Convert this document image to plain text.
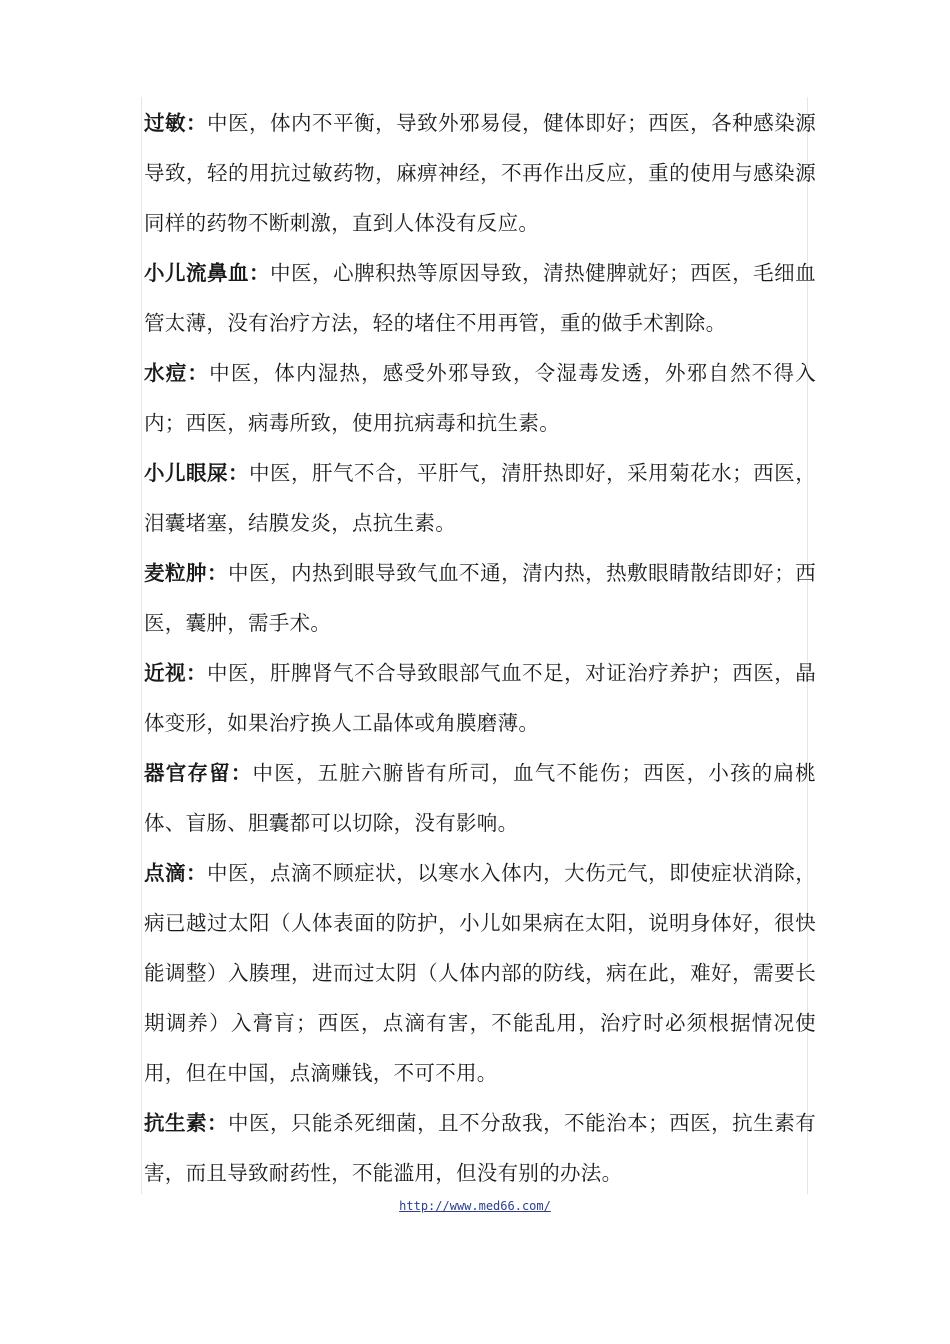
过敏：中医，体内不平衡，导致外邪易侵，健体即好；西医，各种感染源导致，轻的用抗过敏药物，麻痹神经，不再作出反应，重的使用与感染源同样的药物不断刺激，直到人体没有反应。

小儿流鼻血：中医，心脾积热等原因导致，清热健脾就好；西医，毛细血管太薄，没有治疗方法，轻的堵住不用再管，重的做手术割除。

水痘：中医，体内湿热，感受外邪导致，令湿毒发透，外邪自然不得入内；西医，病毒所致，使用抗病毒和抗生素。

小儿眼屎：中医，肝气不合，平肝气，清肝热即好，采用菊花水；西医，泪囊堵塞，结膜发炎，点抗生素。

麦粒肿：中医，内热到眼导致气血不通，清内热，热敷眼睛散结即好；西医，囊肿，需手术。

近视：中医，肝脾肾气不合导致眼部气血不足，对证治疗养护；西医，晶体变形，如果治疗换人工晶体或角膜磨薄。

器官存留：中医，五脏六腑皆有所司，血气不能伤；西医，小孩的扁桃体、盲肠、胆囊都可以切除，没有影响。

点滴：中医，点滴不顾症状，以寒水入体内，大伤元气，即使症状消除，病已越过太阳（人体表面的防护，小儿如果病在太阳，说明身体好，很快能调整）入腠理，进而过太阴（人体内部的防线，病在此，难好，需要长期调养）入膏肓；西医，点滴有害，不能乱用，治疗时必须根据情况使用，但在中国，点滴赚钱，不可不用。

抗生素：中医，只能杀死细菌，且不分敌我，不能治本；西医，抗生素有害，而且导致耐药性，不能滥用，但没有别的办法。

http://www.med66.com/
